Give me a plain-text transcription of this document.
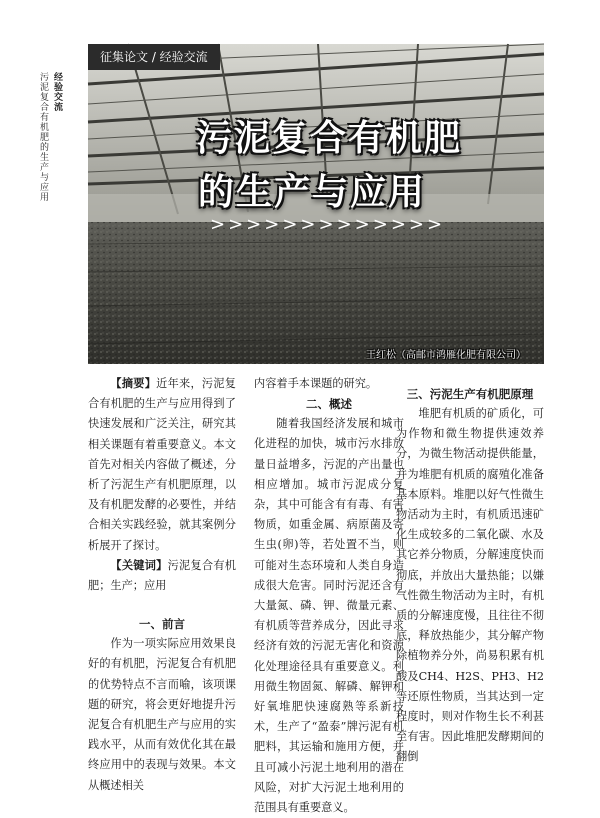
经验交流
污泥复合有机肥的生产与应用
征集论文 / 经验交流
污泥复合有机肥
的生产与应用
>>>>>>>>>>>>>
王红松（高邮市鸿雁化肥有限公司）

【摘要】近年来，污泥复合有机肥的生产与应用得到了快速发展和广泛关注，研究其相关课题有着重要意义。本文首先对相关内容做了概述，分析了污泥生产有机肥原理，以及有机肥发酵的必要性，并结合相关实践经验，就其案例分析展开了探讨。

【关键词】污泥复合有机肥；生产；应用

一、前言

作为一项实际应用效果良好的有机肥，污泥复合有机肥的优势特点不言而喻，该项课题的研究，将会更好地提升污泥复合有机肥生产与应用的实践水平，从而有效优化其在最终应用中的表现与效果。本文从概述相关

内容着手本课题的研究。

二、概述

随着我国经济发展和城市化进程的加快，城市污水排放量日益增多，污泥的产出量也相应增加。城市污泥成分复杂，其中可能含有有毒、有害物质，如重金属、病原菌及寄生虫(卵)等，若处置不当，则可能对生态环境和人类自身造成很大危害。同时污泥还含有大量氮、磷、钾、微量元素、有机质等营养成分，因此寻求经济有效的污泥无害化和资源化处理途径具有重要意义。利用微生物固氮、解磷、解钾和好氧堆肥快速腐熟等系新技术，生产了“盈泰”牌污泥有机肥料，其运输和施用方便，并且可减小污泥土地利用的潜在风险，对扩大污泥土地利用的范围具有重要意义。

三、污泥生产有机肥原理

堆肥有机质的矿质化，可为作物和微生物提供速效养分，为微生物活动提供能量，并为堆肥有机质的腐殖化准备基本原料。堆肥以好气性微生物活动为主时，有机质迅速矿化生成较多的二氧化碳、水及其它养分物质，分解速度快而彻底，并放出大量热能；以嫌气性微生物活动为主时，有机质的分解速度慢，且往往不彻底，释放热能少，其分解产物除植物养分外，尚易积累有机酸及CH4、H2S、PH3、H2等还原性物质，当其达到一定程度时，则对作物生长不利甚至有害。因此堆肥发酵期间的翻倒
